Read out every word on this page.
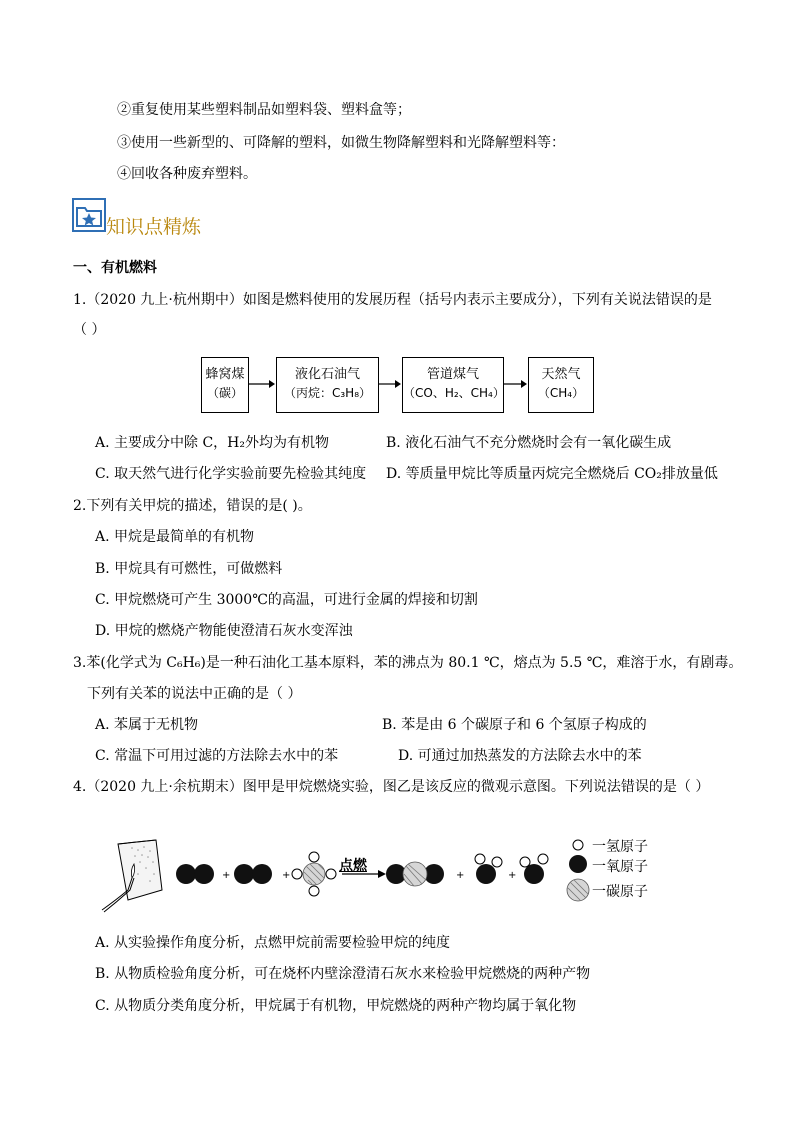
②重复使用某些塑料制品如塑料袋、塑料盒等；
③使用一些新型的、可降解的塑料，如微生物降解塑料和光降解塑料等：
④回收各种废弃塑料。
知识点精炼
一、有机燃料
1.（2020 九上·杭州期中）如图是燃料使用的发展历程（括号内表示主要成分），下列有关说法错误的是
（ ）
蜂窝煤
（碳）
液化石油气
（丙烷：C₃H₈）
管道煤气
（CO、H₂、CH₄）
天然气
（CH₄）
A. 主要成分中除 C，H₂外均为有机物	B. 液化石油气不充分燃烧时会有一氧化碳生成
C. 取天然气进行化学实验前要先检验其纯度 D. 等质量甲烷比等质量丙烷完全燃烧后 CO₂排放量低
2.下列有关甲烷的描述，错误的是( )。
A. 甲烷是最简单的有机物
B. 甲烷具有可燃性，可做燃料
C. 甲烷燃烧可产生 3000℃的高温，可进行金属的焊接和切割
D. 甲烷的燃烧产物能使澄清石灰水变浑浊
3.苯(化学式为 C₆H₆)是一种石油化工基本原料，苯的沸点为 80.1 ℃，熔点为 5.5 ℃，难溶于水，有剧毒。
下列有关苯的说法中正确的是（ ）
A. 苯属于无机物	B. 苯是由 6 个碳原子和 6 个氢原子构成的
C. 常温下可用过滤的方法除去水中的苯	D. 可通过加热蒸发的方法除去水中的苯
4.（2020 九上·余杭期末）图甲是甲烷燃烧实验，图乙是该反应的微观示意图。下列说法错误的是（ ）
+	+	+	+
点燃
一氢原子
一氧原子
一碳原子
A. 从实验操作角度分析，点燃甲烷前需要检验甲烷的纯度
B. 从物质检验角度分析，可在烧杯内壁涂澄清石灰水来检验甲烷燃烧的两种产物
C. 从物质分类角度分析，甲烷属于有机物，甲烷燃烧的两种产物均属于氧化物
